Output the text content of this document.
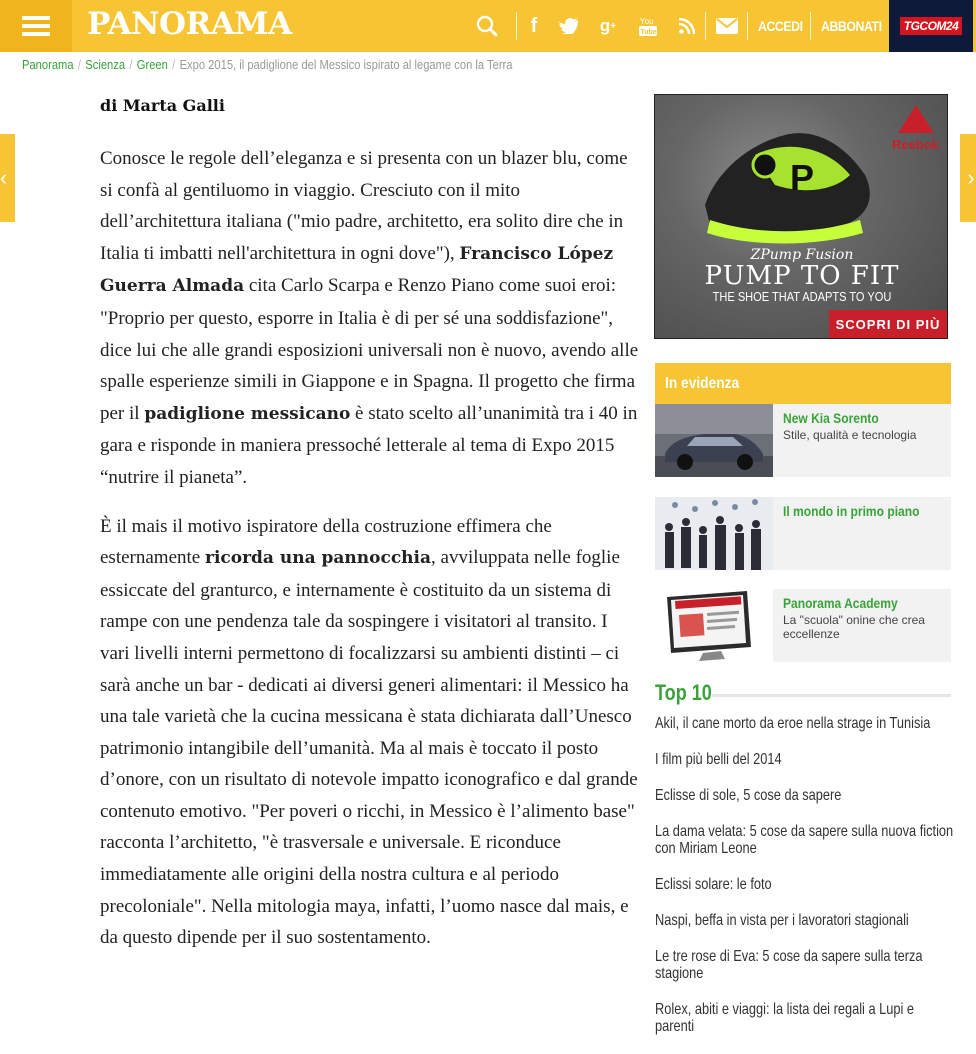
PANORAMA	f	g +	You
Tube	ACCEDI ABBONATI	TGCOM24
Panorama / Scienza / Green / Expo 2015, il padiglione del Messico ispirato al legame con la Terra
‹	›
di Marta Galli

Conosce le regole dell’eleganza e si presenta con un blazer blu, come si confà al gentiluomo in viaggio. Cresciuto con il mito dell’architettura italiana ("mio padre, architetto, era solito dire che in Italia ti imbatti nell'architettura in ogni dove"), Francisco López Guerra Almada cita Carlo Scarpa e Renzo Piano come suoi eroi: "Proprio per questo, esporre in Italia è di per sé una soddisfazione", dice lui che alle grandi esposizioni universali non è nuovo, avendo alle spalle esperienze simili in Giappone e in Spagna. Il progetto che firma per il padiglione messicano è stato scelto all’unanimità tra i 40 in gara e risponde in maniera pressoché letterale al tema di Expo 2015 “nutrire il pianeta”.

È il mais il motivo ispiratore della costruzione effimera che esternamente ricorda una pannocchia, avviluppata nelle foglie essiccate del granturco, e internamente è costituito da un sistema di rampe con une pendenza tale da sospingere i visitatori al transito. I vari livelli interni permettono di focalizzarsi su ambienti distinti – ci sarà anche un bar - dedicati ai diversi generi alimentari: il Messico ha una tale varietà che la cucina messicana è stata dichiarata dall’Unesco patrimonio intangibile dell’umanità. Ma al mais è toccato il posto d’onore, con un risultato di notevole impatto iconografico e dal grande contenuto emotivo. "Per poveri o ricchi, in Messico è l’alimento base" racconta l’architetto, "è trasversale e universale. E riconduce immediatamente alle origini della nostra cultura e al periodo precoloniale". Nella mitologia maya, infatti, l’uomo nasce dal mais, e da questo dipende per il suo sostentamento.

P
Reebok
ZPump Fusion
PUMP TO FIT
THE SHOE THAT ADAPTS TO YOU
SCOPRI DI PIÙ
In evidenza
New Kia Sorento
Stile, qualità e tecnologia
Il mondo in primo piano
Panorama Academy
La "scuola" onine che crea eccellenze
Top 10
Akil, il cane morto da eroe nella strage in Tunisia
I film più belli del 2014
Eclisse di sole, 5 cose da sapere
La dama velata: 5 cose da sapere sulla nuova fiction con Miriam Leone
Eclissi solare: le foto
Naspi, beffa in vista per i lavoratori stagionali
Le tre rose di Eva: 5 cose da sapere sulla terza stagione
Rolex, abiti e viaggi: la lista dei regali a Lupi e parenti
